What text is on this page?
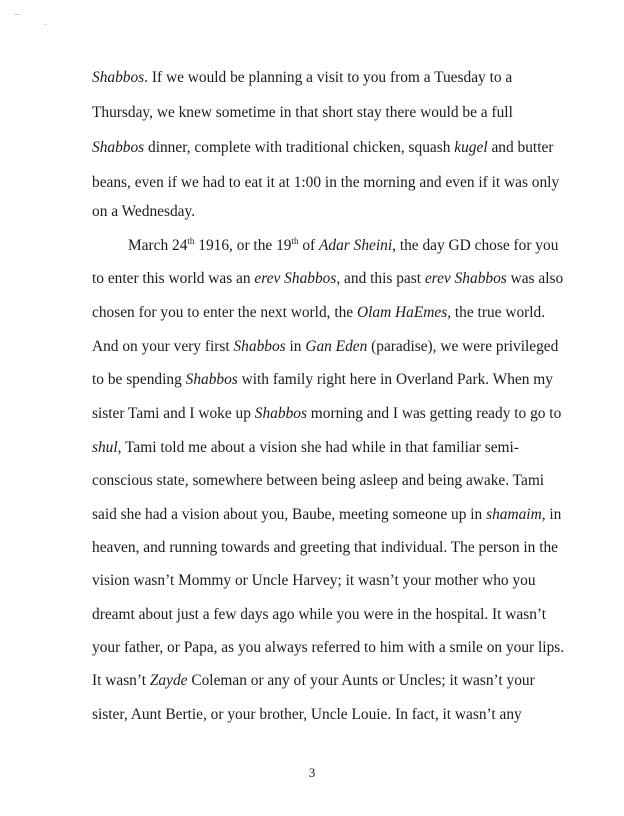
Shabbos. If we would be planning a visit to you from a Tuesday to a
Thursday, we knew sometime in that short stay there would be a full
Shabbos dinner, complete with traditional chicken, squash kugel and butter
beans, even if we had to eat it at 1:00 in the morning and even if it was only
on a Wednesday.
March 24th 1916, or the 19th of Adar Sheini, the day GD chose for you
to enter this world was an erev Shabbos, and this past erev Shabbos was also
chosen for you to enter the next world, the Olam HaEmes, the true world.
And on your very first Shabbos in Gan Eden (paradise), we were privileged
to be spending Shabbos with family right here in Overland Park. When my
sister Tami and I woke up Shabbos morning and I was getting ready to go to
shul, Tami told me about a vision she had while in that familiar semi-
conscious state, somewhere between being asleep and being awake. Tami
said she had a vision about you, Baube, meeting someone up in shamaim, in
heaven, and running towards and greeting that individual. The person in the
vision wasn’t Mommy or Uncle Harvey; it wasn’t your mother who you
dreamt about just a few days ago while you were in the hospital. It wasn’t
your father, or Papa, as you always referred to him with a smile on your lips.
It wasn’t Zayde Coleman or any of your Aunts or Uncles; it wasn’t your
sister, Aunt Bertie, or your brother, Uncle Louie. In fact, it wasn’t any
3
